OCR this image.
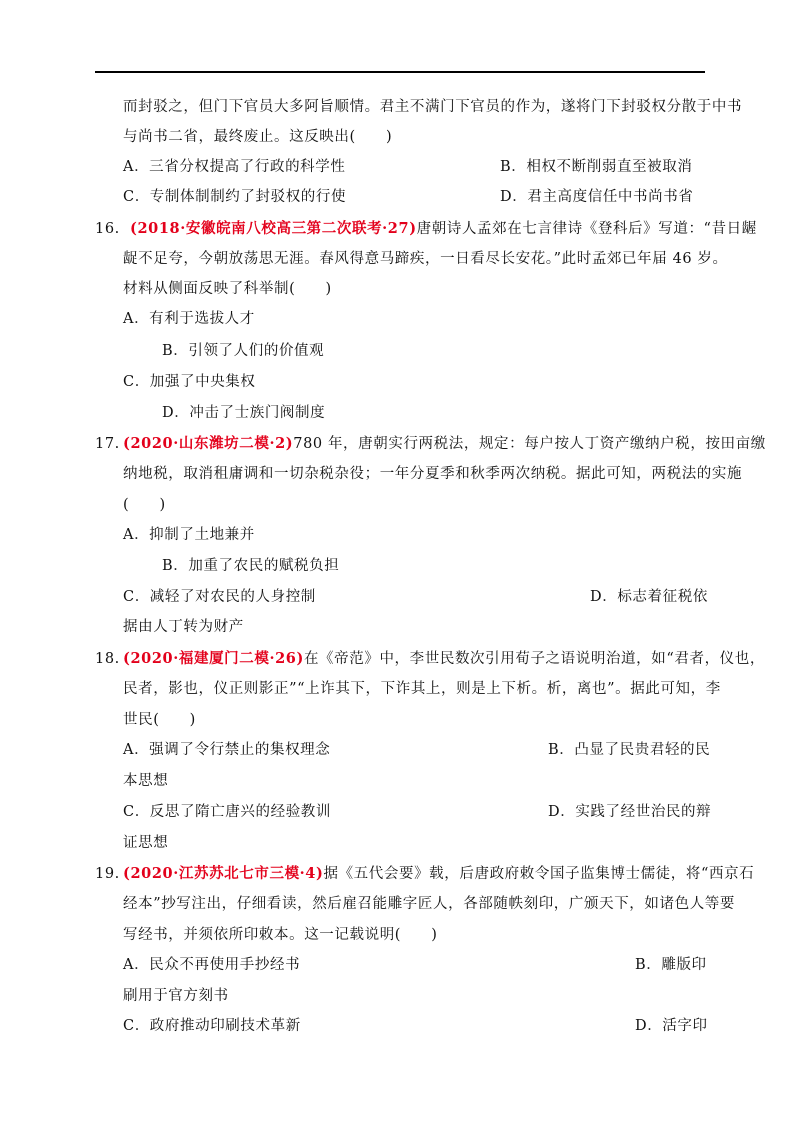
而封驳之，但门下官员大多阿旨顺情。君主不满门下官员的作为，遂将门下封驳权分散于中书
与尚书二省，最终废止。这反映出(　　)
A．三省分权提高了行政的科学性	B．相权不断削弱直至被取消
C．专制体制制约了封驳权的行使	D．君主高度信任中书尚书省
16. (2018·安徽皖南八校高三第二次联考·27)唐朝诗人孟郊在七言律诗《登科后》写道：“昔日龌
龊不足夸，今朝放荡思无涯。春风得意马蹄疾，一日看尽长安花。”此时孟郊已年届 46 岁。
材料从侧面反映了科举制(　　)
A．有利于选拔人才
B．引领了人们的价值观
C．加强了中央集权
D．冲击了士族门阀制度
17. (2020·山东潍坊二模·2)780 年，唐朝实行两税法，规定：每户按人丁资产缴纳户税，按田亩缴
纳地税，取消租庸调和一切杂税杂役；一年分夏季和秋季两次纳税。据此可知，两税法的实施
(　　)
A．抑制了土地兼并
B．加重了农民的赋税负担
C．减轻了对农民的人身控制	D．标志着征税依
据由人丁转为财产
18. (2020·福建厦门二模·26)在《帝范》中，李世民数次引用荀子之语说明治道，如“君者，仪也，
民者，影也，仪正则影正”“上诈其下，下诈其上，则是上下析。析，离也”。据此可知，李
世民(　　)
A．强调了令行禁止的集权理念	B．凸显了民贵君轻的民
本思想
C．反思了隋亡唐兴的经验教训	D．实践了经世治民的辩
证思想
19. (2020·江苏苏北七市三模·4)据《五代会要》载，后唐政府敕令国子监集博士儒徒，将“西京石
经本”抄写注出，仔细看读，然后雇召能雕字匠人，各部随帙刻印，广颁天下，如诸色人等要
写经书，并须依所印敕本。这一记载说明(　　)
A．民众不再使用手抄经书	B．雕版印
刷用于官方刻书
C．政府推动印刷技术革新	D．活字印
